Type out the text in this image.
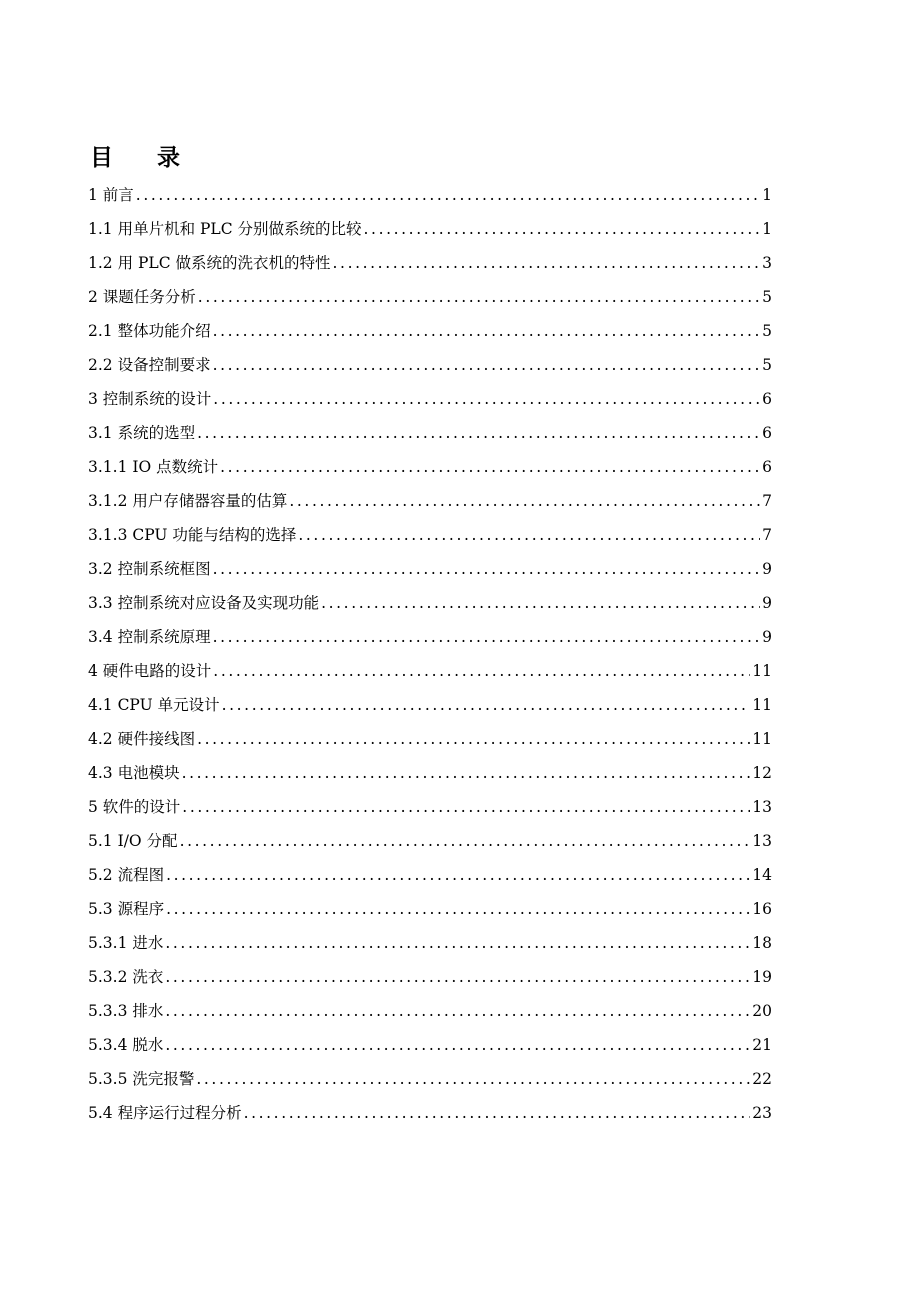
目 录
1 前言 .....	1
1.1 用单片机和 PLC 分别做系统的比较 .....	1
1.2 用 PLC 做系统的洗衣机的特性 .....	3
2 课题任务分析 .....	5
2.1 整体功能介绍 .....	5
2.2 设备控制要求 .....	5
3 控制系统的设计 .....	6
3.1 系统的选型 .....	6
3.1.1 IO 点数统计 .....	6
3.1.2 用户存储器容量的估算 .....	7
3.1.3 CPU 功能与结构的选择 .....	7
3.2 控制系统框图 .....	9
3.3 控制系统对应设备及实现功能 .....	9
3.4 控制系统原理 .....	9
4 硬件电路的设计 .....	11
4.1 CPU 单元设计 .....	11
4.2 硬件接线图 .....	11
4.3 电池模块 .....	12
5 软件的设计 .....	13
5.1 I/O 分配 .....	13
5.2 流程图 .....	14
5.3 源程序 .....	16
5.3.1 进水 .....	18
5.3.2 洗衣 .....	19
5.3.3 排水 .....	20
5.3.4 脱水 .....	21
5.3.5 洗完报警 .....	22
5.4 程序运行过程分析 .....	23
